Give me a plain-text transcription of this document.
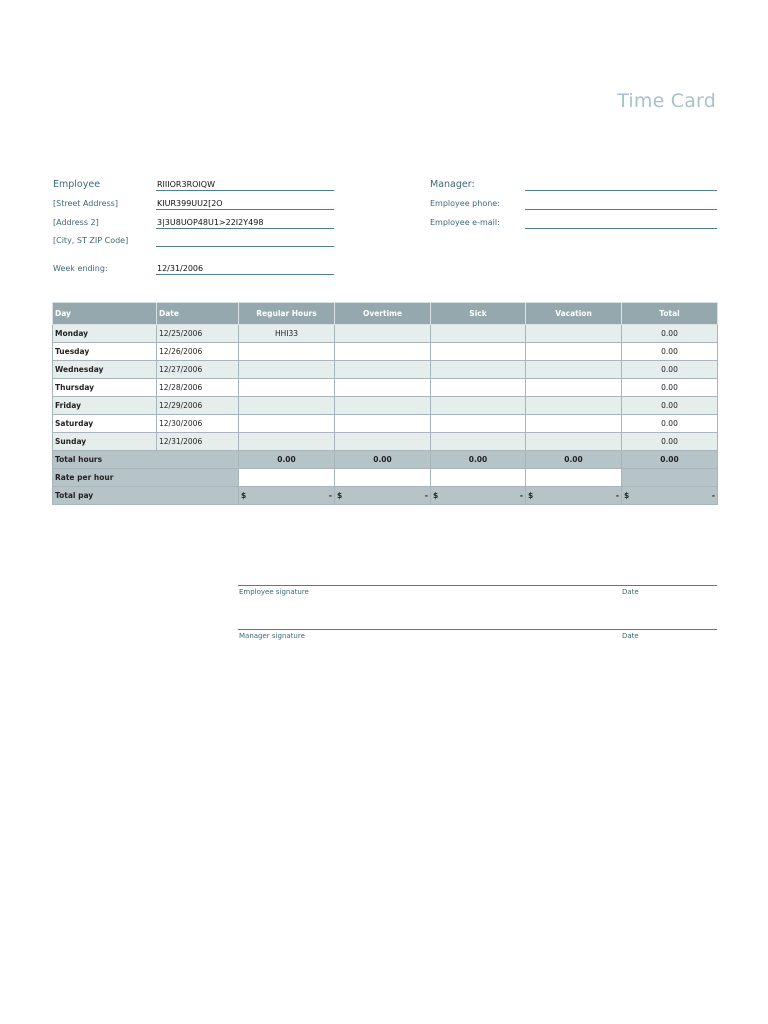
Time Card
Employee	RIIIOR3ROIQW
[Street Address]	KIUR399UU2[2O
[Address 2]	3|3U8UOP48U1>22I2Y498
[City, ST ZIP Code]
Week ending:	12/31/2006
Manager:
Employee phone:
Employee e-mail:
Day	Date	Regular Hours	Overtime	Sick	Vacation	Total
Monday	12/25/2006	HHI33				0.00
Tuesday	12/26/2006					0.00
Wednesday	12/27/2006					0.00
Thursday	12/28/2006					0.00
Friday	12/29/2006					0.00
Saturday	12/30/2006					0.00
Sunday	12/31/2006					0.00
Total hours		0.00	0.00	0.00	0.00	0.00
Rate per hour						
Total pay		$ -	$ -	$ -	$ -	$ -
Employee signature	Date
Manager signature	Date
